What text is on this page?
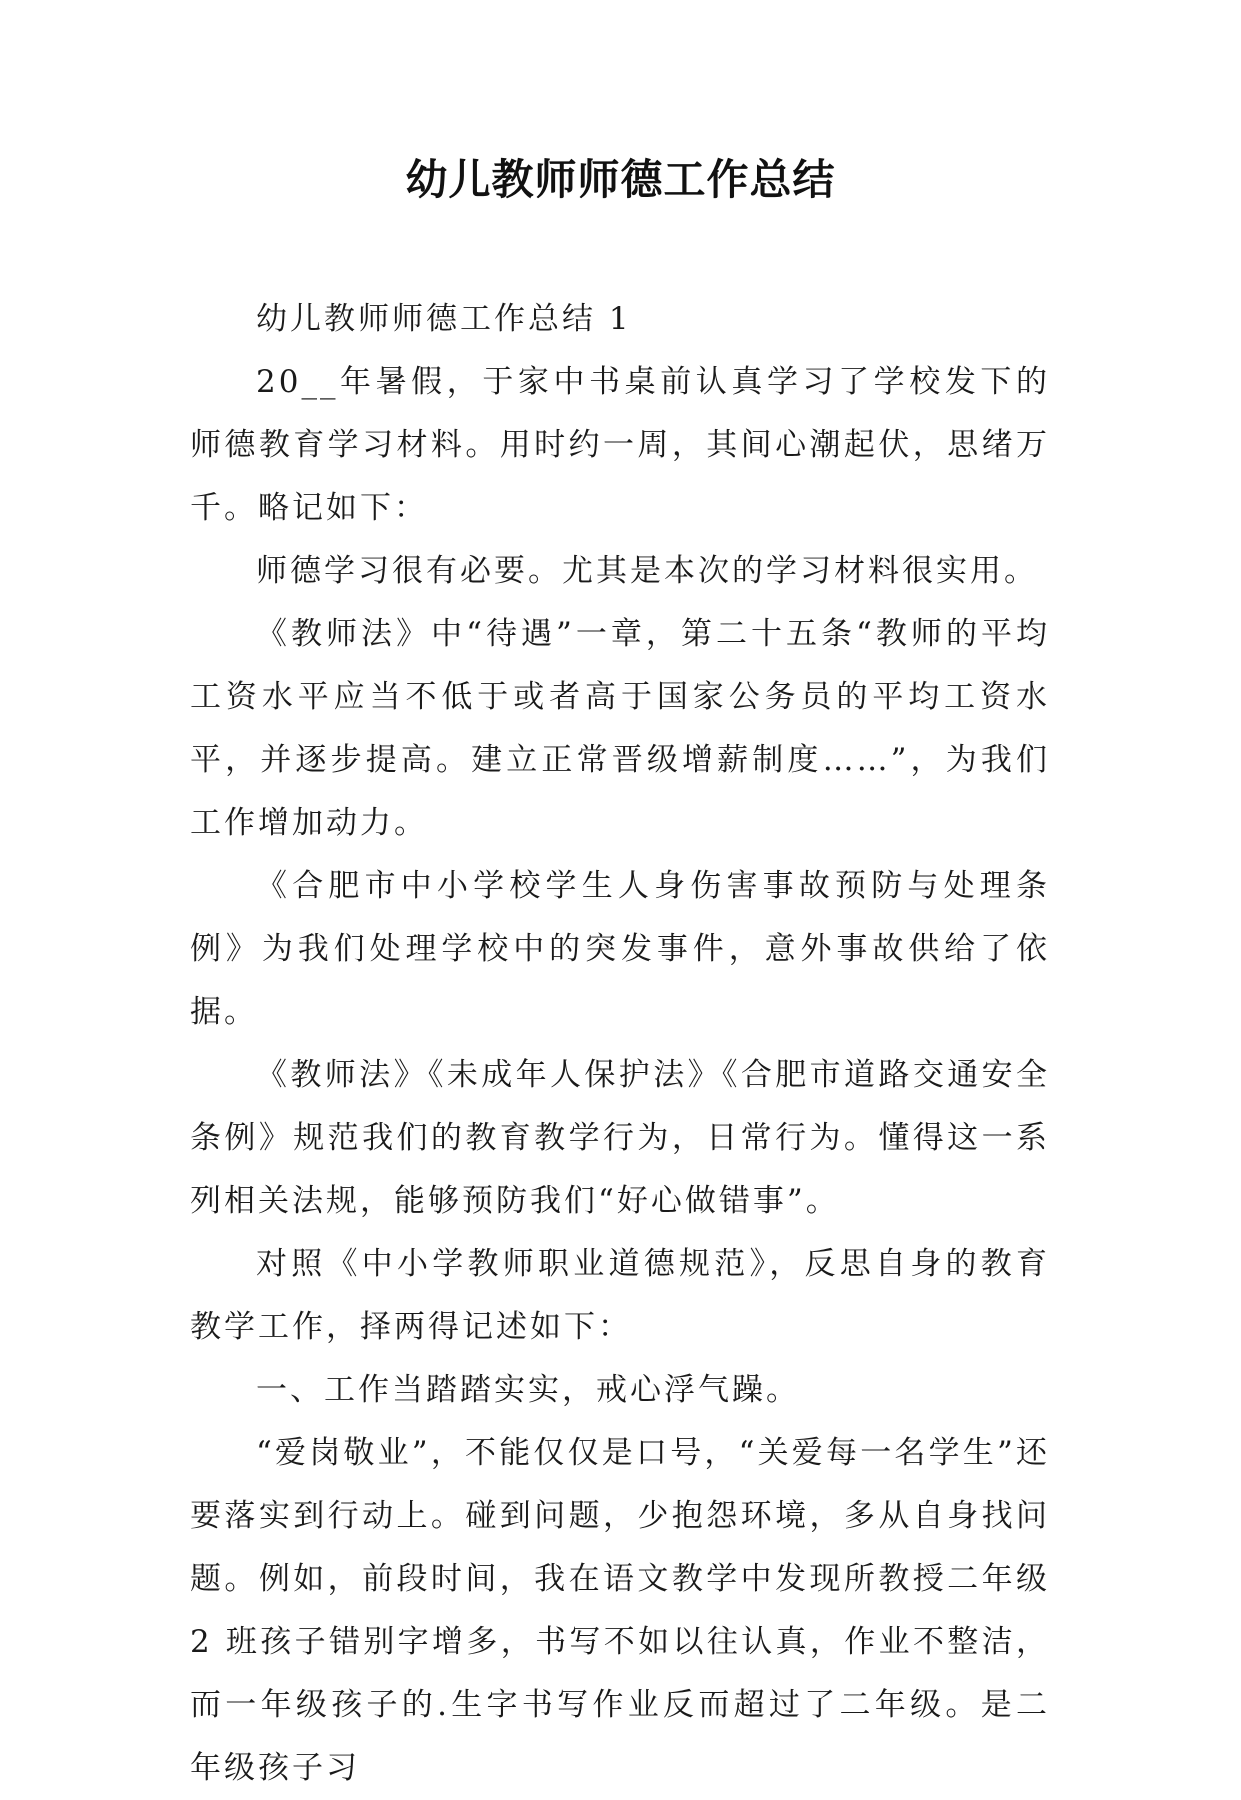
幼儿教师师德工作总结

幼儿教师师德工作总结 1

20__年暑假，于家中书桌前认真学习了学校发下的师德教育学习材料。用时约一周，其间心潮起伏，思绪万千。略记如下：

师德学习很有必要。尤其是本次的学习材料很实用。

《教师法》中“待遇”一章，第二十五条“教师的平均工资水平应当不低于或者高于国家公务员的平均工资水平，并逐步提高。建立正常晋级增薪制度……”，为我们工作增加动力。

《合肥市中小学校学生人身伤害事故预防与处理条例》为我们处理学校中的突发事件，意外事故供给了依据。

《教师法》《未成年人保护法》《合肥市道路交通安全条例》规范我们的教育教学行为，日常行为。懂得这一系列相关法规，能够预防我们“好心做错事”。

对照《中小学教师职业道德规范》，反思自身的教育教学工作，择两得记述如下：

一、工作当踏踏实实，戒心浮气躁。

“爱岗敬业”，不能仅仅是口号，“关爱每一名学生”还要落实到行动上。碰到问题，少抱怨环境，多从自身找问题。例如，前段时间，我在语文教学中发现所教授二年级 2 班孩子错别字增多，书写不如以往认真，作业不整洁，而一年级孩子的.生字书写作业反而超过了二年级。是二年级孩子习
